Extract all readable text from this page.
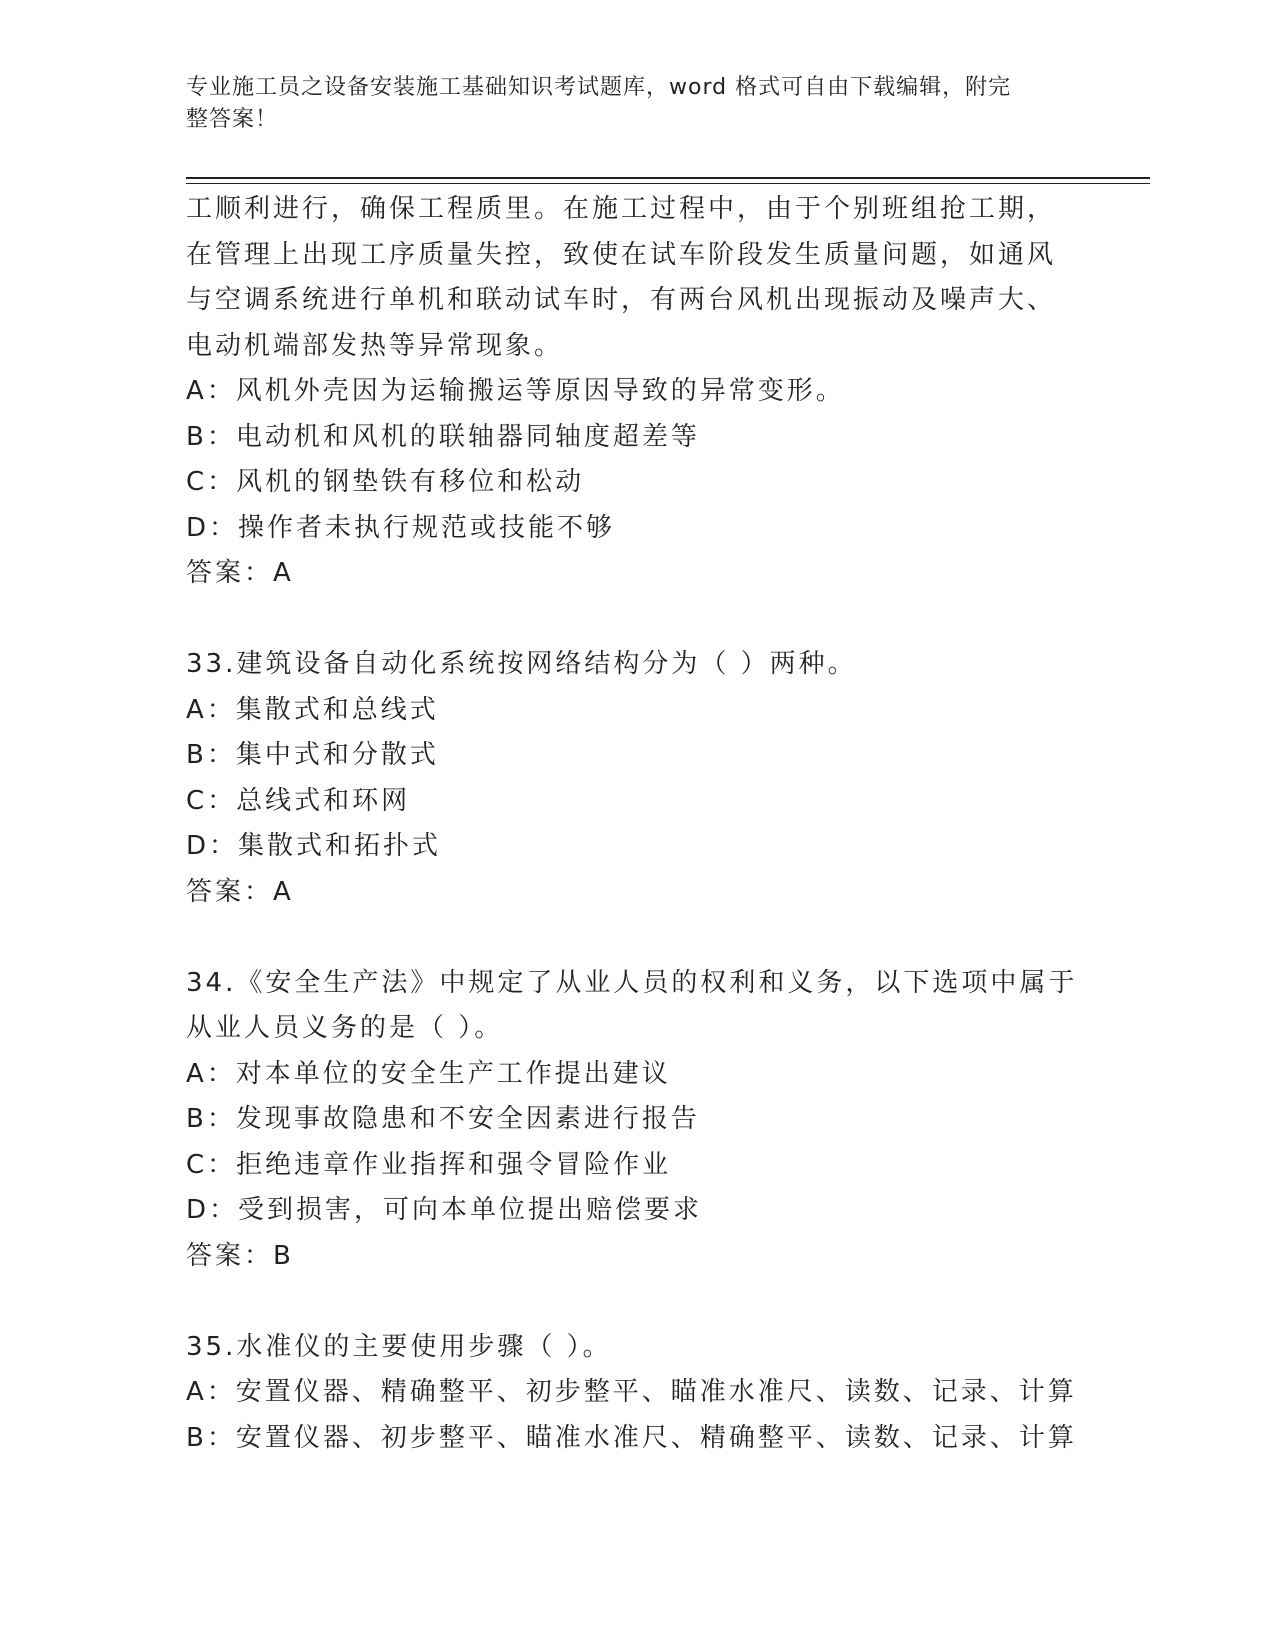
专业施工员之设备安装施工基础知识考试题库，word 格式可自由下载编辑，附完
整答案！
工顺利进行，确保工程质里。在施工过程中，由于个别班组抢工期，
在管理上出现工序质量失控，致使在试车阶段发生质量问题，如通风
与空调系统进行单机和联动试车时，有两台风机出现振动及噪声大、
电动机端部发热等异常现象。
A：风机外壳因为运输搬运等原因导致的异常变形。
B：电动机和风机的联轴器同轴度超差等
C：风机的钢垫铁有移位和松动
D：操作者未执行规范或技能不够
答案：A
33.建筑设备自动化系统按网络结构分为（ ）两种。
A：集散式和总线式
B：集中式和分散式
C：总线式和环网
D：集散式和拓扑式
答案：A
34.《安全生产法》中规定了从业人员的权利和义务，以下选项中属于
从业人员义务的是（ ）。
A：对本单位的安全生产工作提出建议
B：发现事故隐患和不安全因素进行报告
C：拒绝违章作业指挥和强令冒险作业
D：受到损害，可向本单位提出赔偿要求
答案：B
35.水准仪的主要使用步骤（ ）。
A：安置仪器、精确整平、初步整平、瞄准水准尺、读数、记录、计算
B：安置仪器、初步整平、瞄准水准尺、精确整平、读数、记录、计算
